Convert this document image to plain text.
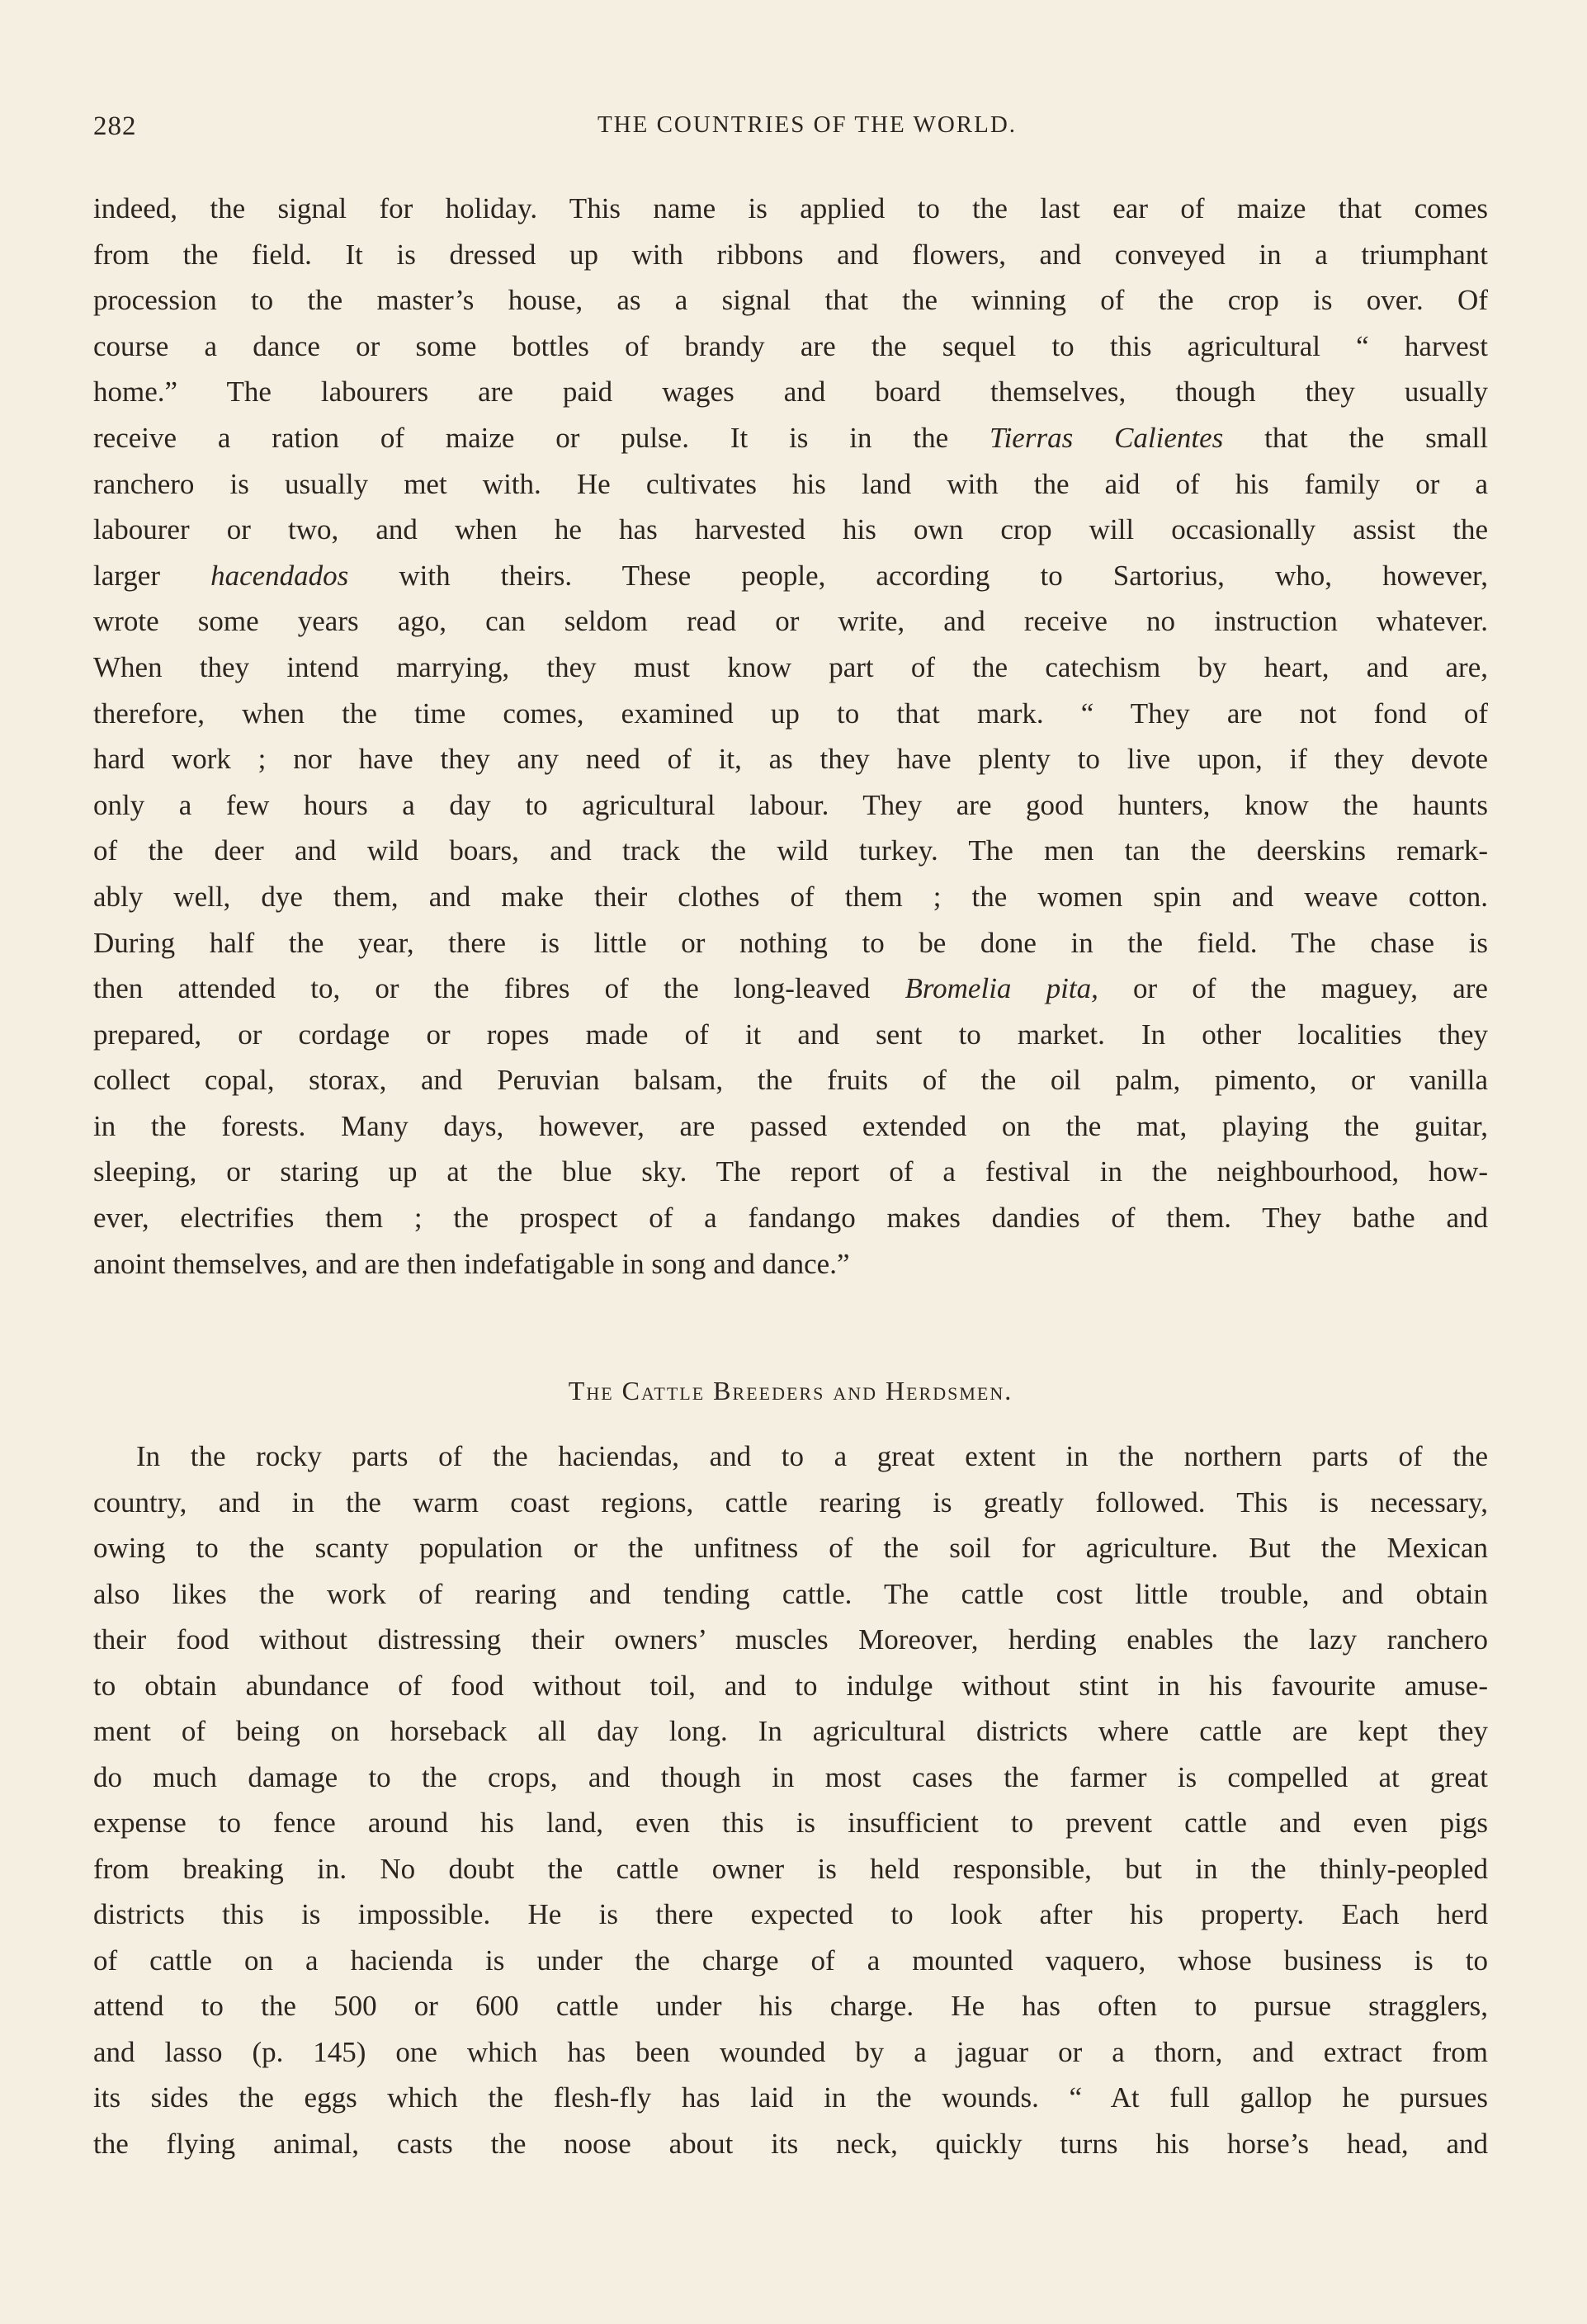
282	THE COUNTRIES OF THE WORLD.
indeed, the signal for holiday. This name is applied to the last ear of maize that comes
from the field. It is dressed up with ribbons and flowers, and conveyed in a triumphant
procession to the master’s house, as a signal that the winning of the crop is over. Of
course a dance or some bottles of brandy are the sequel to this agricultural “ harvest
home.” The labourers are paid wages and board themselves, though they usually
receive a ration of maize or pulse. It is in the Tierras Calientes that the small
ranchero is usually met with. He cultivates his land with the aid of his family or a
labourer or two, and when he has harvested his own crop will occasionally assist the
larger hacendados with theirs. These people, according to Sartorius, who, however,
wrote some years ago, can seldom read or write, and receive no instruction whatever.
When they intend marrying, they must know part of the catechism by heart, and are,
therefore, when the time comes, examined up to that mark. “ They are not fond of
hard work ; nor have they any need of it, as they have plenty to live upon, if they devote
only a few hours a day to agricultural labour. They are good hunters, know the haunts
of the deer and wild boars, and track the wild turkey. The men tan the deerskins remark-
ably well, dye them, and make their clothes of them ; the women spin and weave cotton.
During half the year, there is little or nothing to be done in the field. The chase is
then attended to, or the fibres of the long-leaved Bromelia pita, or of the maguey, are
prepared, or cordage or ropes made of it and sent to market. In other localities they
collect copal, storax, and Peruvian balsam, the fruits of the oil palm, pimento, or vanilla
in the forests. Many days, however, are passed extended on the mat, playing the guitar,
sleeping, or staring up at the blue sky. The report of a festival in the neighbourhood, how-
ever, electrifies them ; the prospect of a fandango makes dandies of them. They bathe and
anoint themselves, and are then indefatigable in song and dance.”
The Cattle Breeders and Herdsmen.
In the rocky parts of the haciendas, and to a great extent in the northern parts of the
country, and in the warm coast regions, cattle rearing is greatly followed. This is necessary,
owing to the scanty population or the unfitness of the soil for agriculture. But the Mexican
also likes the work of rearing and tending cattle. The cattle cost little trouble, and obtain
their food without distressing their owners’ muscles Moreover, herding enables the lazy ranchero
to obtain abundance of food without toil, and to indulge without stint in his favourite amuse-
ment of being on horseback all day long. In agricultural districts where cattle are kept they
do much damage to the crops, and though in most cases the farmer is compelled at great
expense to fence around his land, even this is insufficient to prevent cattle and even pigs
from breaking in. No doubt the cattle owner is held responsible, but in the thinly-peopled
districts this is impossible. He is there expected to look after his property. Each herd
of cattle on a hacienda is under the charge of a mounted vaquero, whose business is to
attend to the 500 or 600 cattle under his charge. He has often to pursue stragglers,
and lasso (p. 145) one which has been wounded by a jaguar or a thorn, and extract from
its sides the eggs which the flesh-fly has laid in the wounds. “ At full gallop he pursues
the flying animal, casts the noose about its neck, quickly turns his horse’s head, and
